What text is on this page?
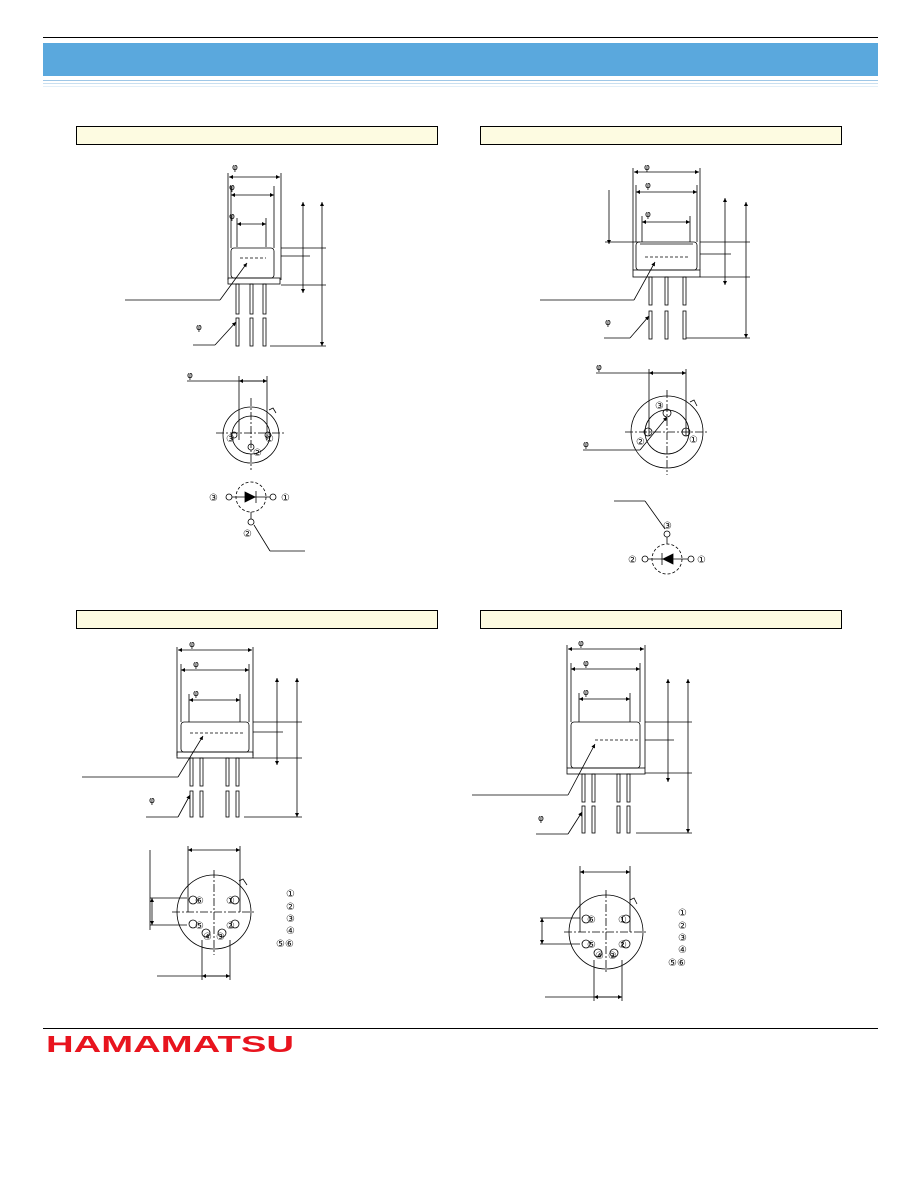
φ
φ
φ
φ
φ
③	①
②
③	①
②
φ
φ
φ
φ
φ
φ
③
②	①
③
②	①
φ
φ
φ
φ
⑥ ①
⑤ ②
④ ③
①
②
③
④
⑤⑥
φ
φ
φ
φ
⑥ ①
⑤ ②
④ ③
①
②
③
④
⑤⑥
HAMAMATSU
